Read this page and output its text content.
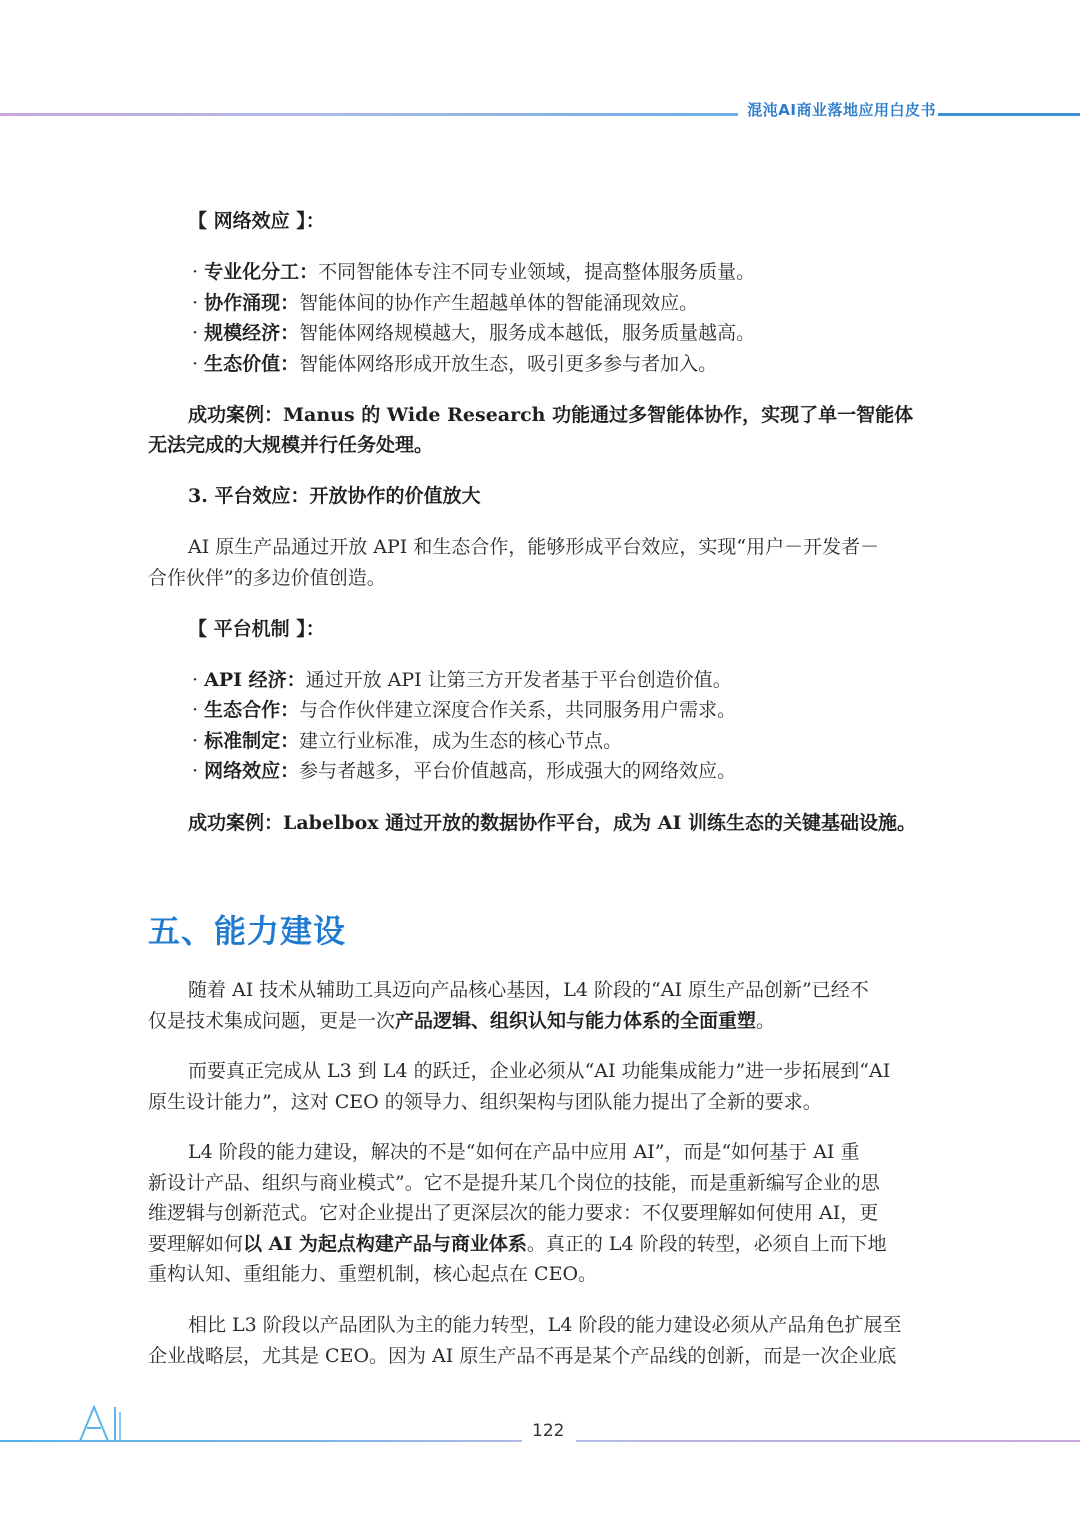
混沌AI商业落地应用白皮书

【 网络效应 】：

· 专业化分工：不同智能体专注不同专业领域，提高整体服务质量。

· 协作涌现：智能体间的协作产生超越单体的智能涌现效应。

· 规模经济：智能体网络规模越大，服务成本越低，服务质量越高。

· 生态价值：智能体网络形成开放生态，吸引更多参与者加入。

成功案例：Manus 的 Wide Research 功能通过多智能体协作，实现了单一智能体

无法完成的大规模并行任务处理。

3. 平台效应：开放协作的价值放大

AI 原生产品通过开放 API 和生态合作，能够形成平台效应，实现“用户－开发者－

合作伙伴”的多边价值创造。

【 平台机制 】：

· API 经济：通过开放 API 让第三方开发者基于平台创造价值。

· 生态合作：与合作伙伴建立深度合作关系，共同服务用户需求。

· 标准制定：建立行业标准，成为生态的核心节点。

· 网络效应：参与者越多，平台价值越高，形成强大的网络效应。

成功案例：Labelbox 通过开放的数据协作平台，成为 AI 训练生态的关键基础设施。

五、能力建设

随着 AI 技术从辅助工具迈向产品核心基因，L4 阶段的“AI 原生产品创新”已经不

仅是技术集成问题，更是一次产品逻辑、组织认知与能力体系的全面重塑。

而要真正完成从 L3 到 L4 的跃迁，企业必须从“AI 功能集成能力”进一步拓展到“AI

原生设计能力”，这对 CEO 的领导力、组织架构与团队能力提出了全新的要求。

L4 阶段的能力建设，解决的不是“如何在产品中应用 AI”，而是“如何基于 AI 重

新设计产品、组织与商业模式”。它不是提升某几个岗位的技能，而是重新编写企业的思

维逻辑与创新范式。它对企业提出了更深层次的能力要求：不仅要理解如何使用 AI，更

要理解如何以 AI 为起点构建产品与商业体系。真正的 L4 阶段的转型，必须自上而下地

重构认知、重组能力、重塑机制，核心起点在 CEO。

相比 L3 阶段以产品团队为主的能力转型，L4 阶段的能力建设必须从产品角色扩展至

企业战略层，尤其是 CEO。因为 AI 原生产品不再是某个产品线的创新，而是一次企业底

122
